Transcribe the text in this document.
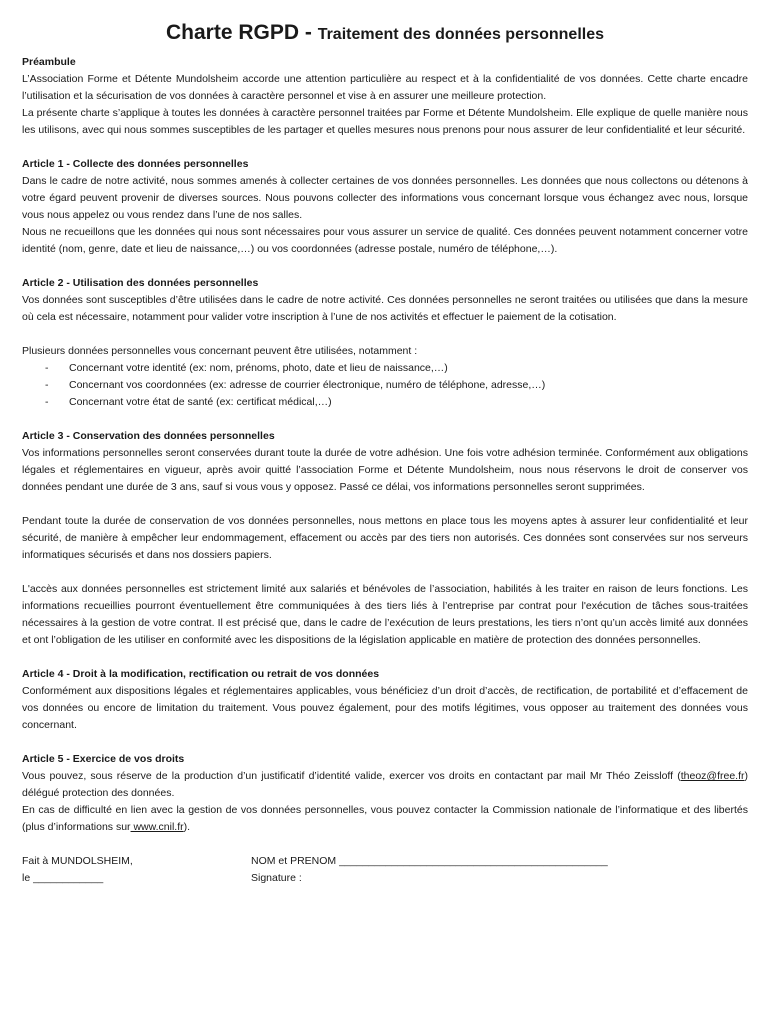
Charte RGPD - Traitement des données personnelles
Préambule

L’Association Forme et Détente Mundolsheim accorde une attention particulière au respect et à la confidentialité de vos données. Cette charte encadre l’utilisation et la sécurisation de vos données à caractère personnel et vise à en assurer une meilleure protection.

La présente charte s’applique à toutes les données à caractère personnel traitées par Forme et Détente Mundolsheim. Elle explique de quelle manière nous les utilisons, avec qui nous sommes susceptibles de les partager et quelles mesures nous prenons pour nous assurer de leur confidentialité et leur sécurité.

Article 1 - Collecte des données personnelles

Dans le cadre de notre activité, nous sommes amenés à collecter certaines de vos données personnelles. Les données que nous collectons ou détenons à votre égard peuvent provenir de diverses sources. Nous pouvons collecter des informations vous concernant lorsque vous échangez avec nous, lorsque vous nous appelez ou vous rendez dans l’une de nos salles.

Nous ne recueillons que les données qui nous sont nécessaires pour vous assurer un service de qualité. Ces données peuvent notamment concerner votre identité (nom, genre, date et lieu de naissance,…) ou vos coordonnées (adresse postale, numéro de téléphone,…).

Article 2 - Utilisation des données personnelles

Vos données sont susceptibles d’être utilisées dans le cadre de notre activité. Ces données personnelles ne seront traitées ou utilisées que dans la mesure où cela est nécessaire, notamment pour valider votre inscription à l’une de nos activités et effectuer le paiement de la cotisation.

Plusieurs données personnelles vous concernant peuvent être utilisées, notamment :

- Concernant votre identité (ex: nom, prénoms, photo, date et lieu de naissance,…)
- Concernant vos coordonnées (ex: adresse de courrier électronique, numéro de téléphone, adresse,…)
- Concernant votre état de santé (ex: certificat médical,…)
Article 3 - Conservation des données personnelles

Vos informations personnelles seront conservées durant toute la durée de votre adhésion. Une fois votre adhésion terminée. Conformément aux obligations légales et réglementaires en vigueur, après avoir quitté l’association Forme et Détente Mundolsheim, nous nous réservons le droit de conserver vos données pendant une durée de 3 ans, sauf si vous vous y opposez. Passé ce délai, vos informations personnelles seront supprimées.

Pendant toute la durée de conservation de vos données personnelles, nous mettons en place tous les moyens aptes à assurer leur confidentialité et leur sécurité, de manière à empêcher leur endommagement, effacement ou accès par des tiers non autorisés. Ces données sont conservées sur nos serveurs informatiques sécurisés et dans nos dossiers papiers.

L'accès aux données personnelles est strictement limité aux salariés et bénévoles de l’association, habilités à les traiter en raison de leurs fonctions. Les informations recueillies pourront éventuellement être communiquées à des tiers liés à l’entreprise par contrat pour l'exécution de tâches sous-traitées nécessaires à la gestion de votre contrat. Il est précisé que, dans le cadre de l’exécution de leurs prestations, les tiers n’ont qu’un accès limité aux données et ont l’obligation de les utiliser en conformité avec les dispositions de la législation applicable en matière de protection des données personnelles.

Article 4 - Droit à la modification, rectification ou retrait de vos données

Conformément aux dispositions légales et réglementaires applicables, vous bénéficiez d’un droit d’accès, de rectification, de portabilité et d’effacement de vos données ou encore de limitation du traitement. Vous pouvez également, pour des motifs légitimes, vous opposer au traitement des données vous concernant.

Article 5 - Exercice de vos droits

Vous pouvez, sous réserve de la production d’un justificatif d’identité valide, exercer vos droits en contactant par mail Mr Théo Zeissloff (theoz@free.fr) délégué protection des données.

En cas de difficulté en lien avec la gestion de vos données personnelles, vous pouvez contacter la Commission nationale de l’informatique et des libertés (plus d’informations sur www.cnil.fr).

Fait à MUNDOLSHEIM,	NOM et PRENOM ______________________________________________
le ____________	Signature :
